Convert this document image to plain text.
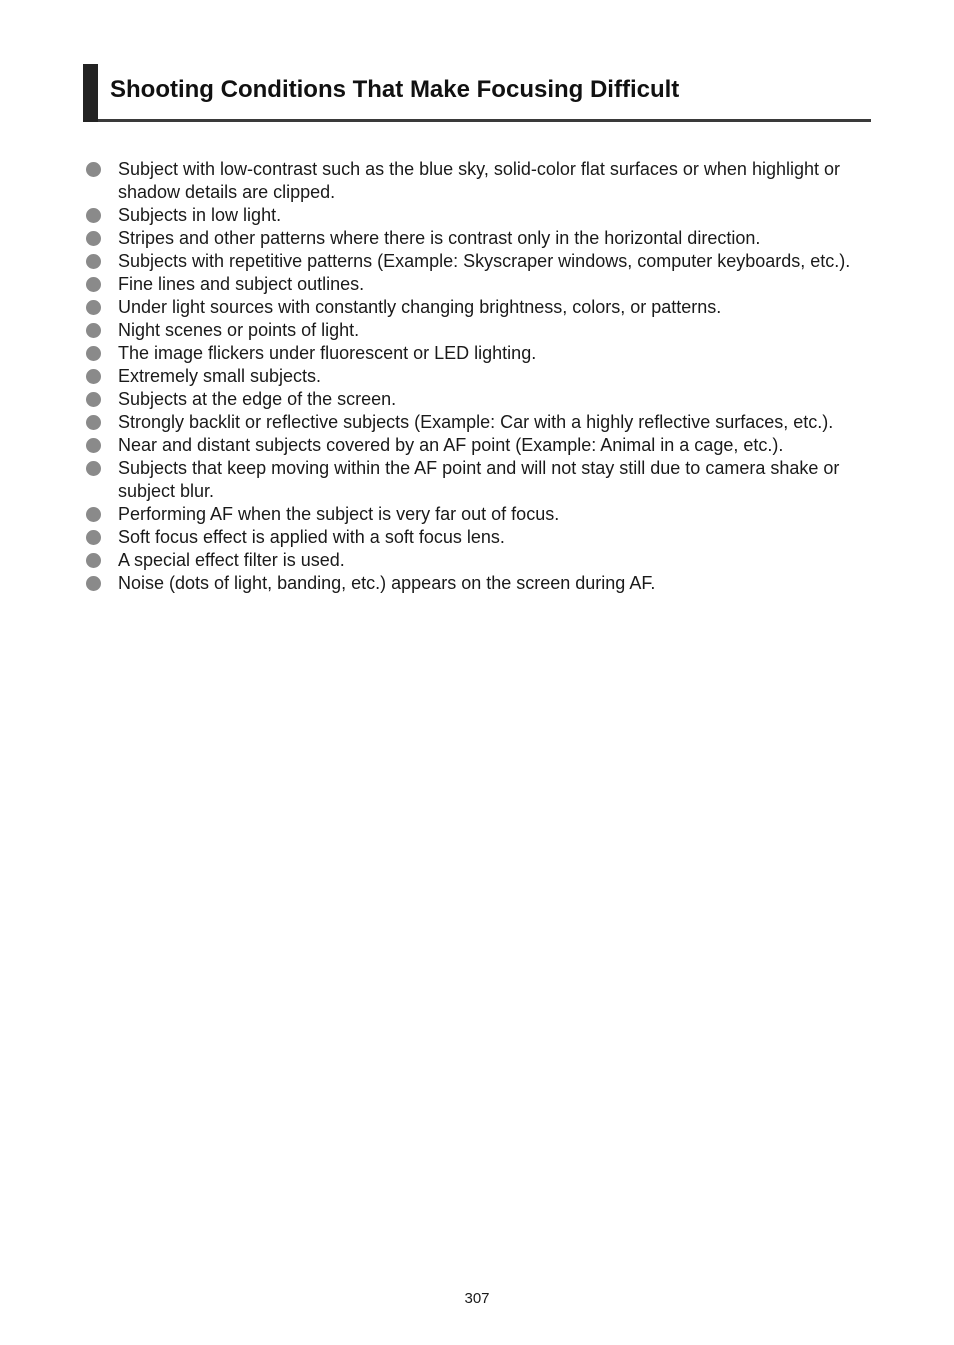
Shooting Conditions That Make Focusing Difficult
Subject with low-contrast such as the blue sky, solid-color flat surfaces or when highlight or shadow details are clipped.
Subjects in low light.
Stripes and other patterns where there is contrast only in the horizontal direction.
Subjects with repetitive patterns (Example: Skyscraper windows, computer keyboards, etc.).
Fine lines and subject outlines.
Under light sources with constantly changing brightness, colors, or patterns.
Night scenes or points of light.
The image flickers under fluorescent or LED lighting.
Extremely small subjects.
Subjects at the edge of the screen.
Strongly backlit or reflective subjects (Example: Car with a highly reflective surfaces, etc.).
Near and distant subjects covered by an AF point (Example: Animal in a cage, etc.).
Subjects that keep moving within the AF point and will not stay still due to camera shake or subject blur.
Performing AF when the subject is very far out of focus.
Soft focus effect is applied with a soft focus lens.
A special effect filter is used.
Noise (dots of light, banding, etc.) appears on the screen during AF.
307
